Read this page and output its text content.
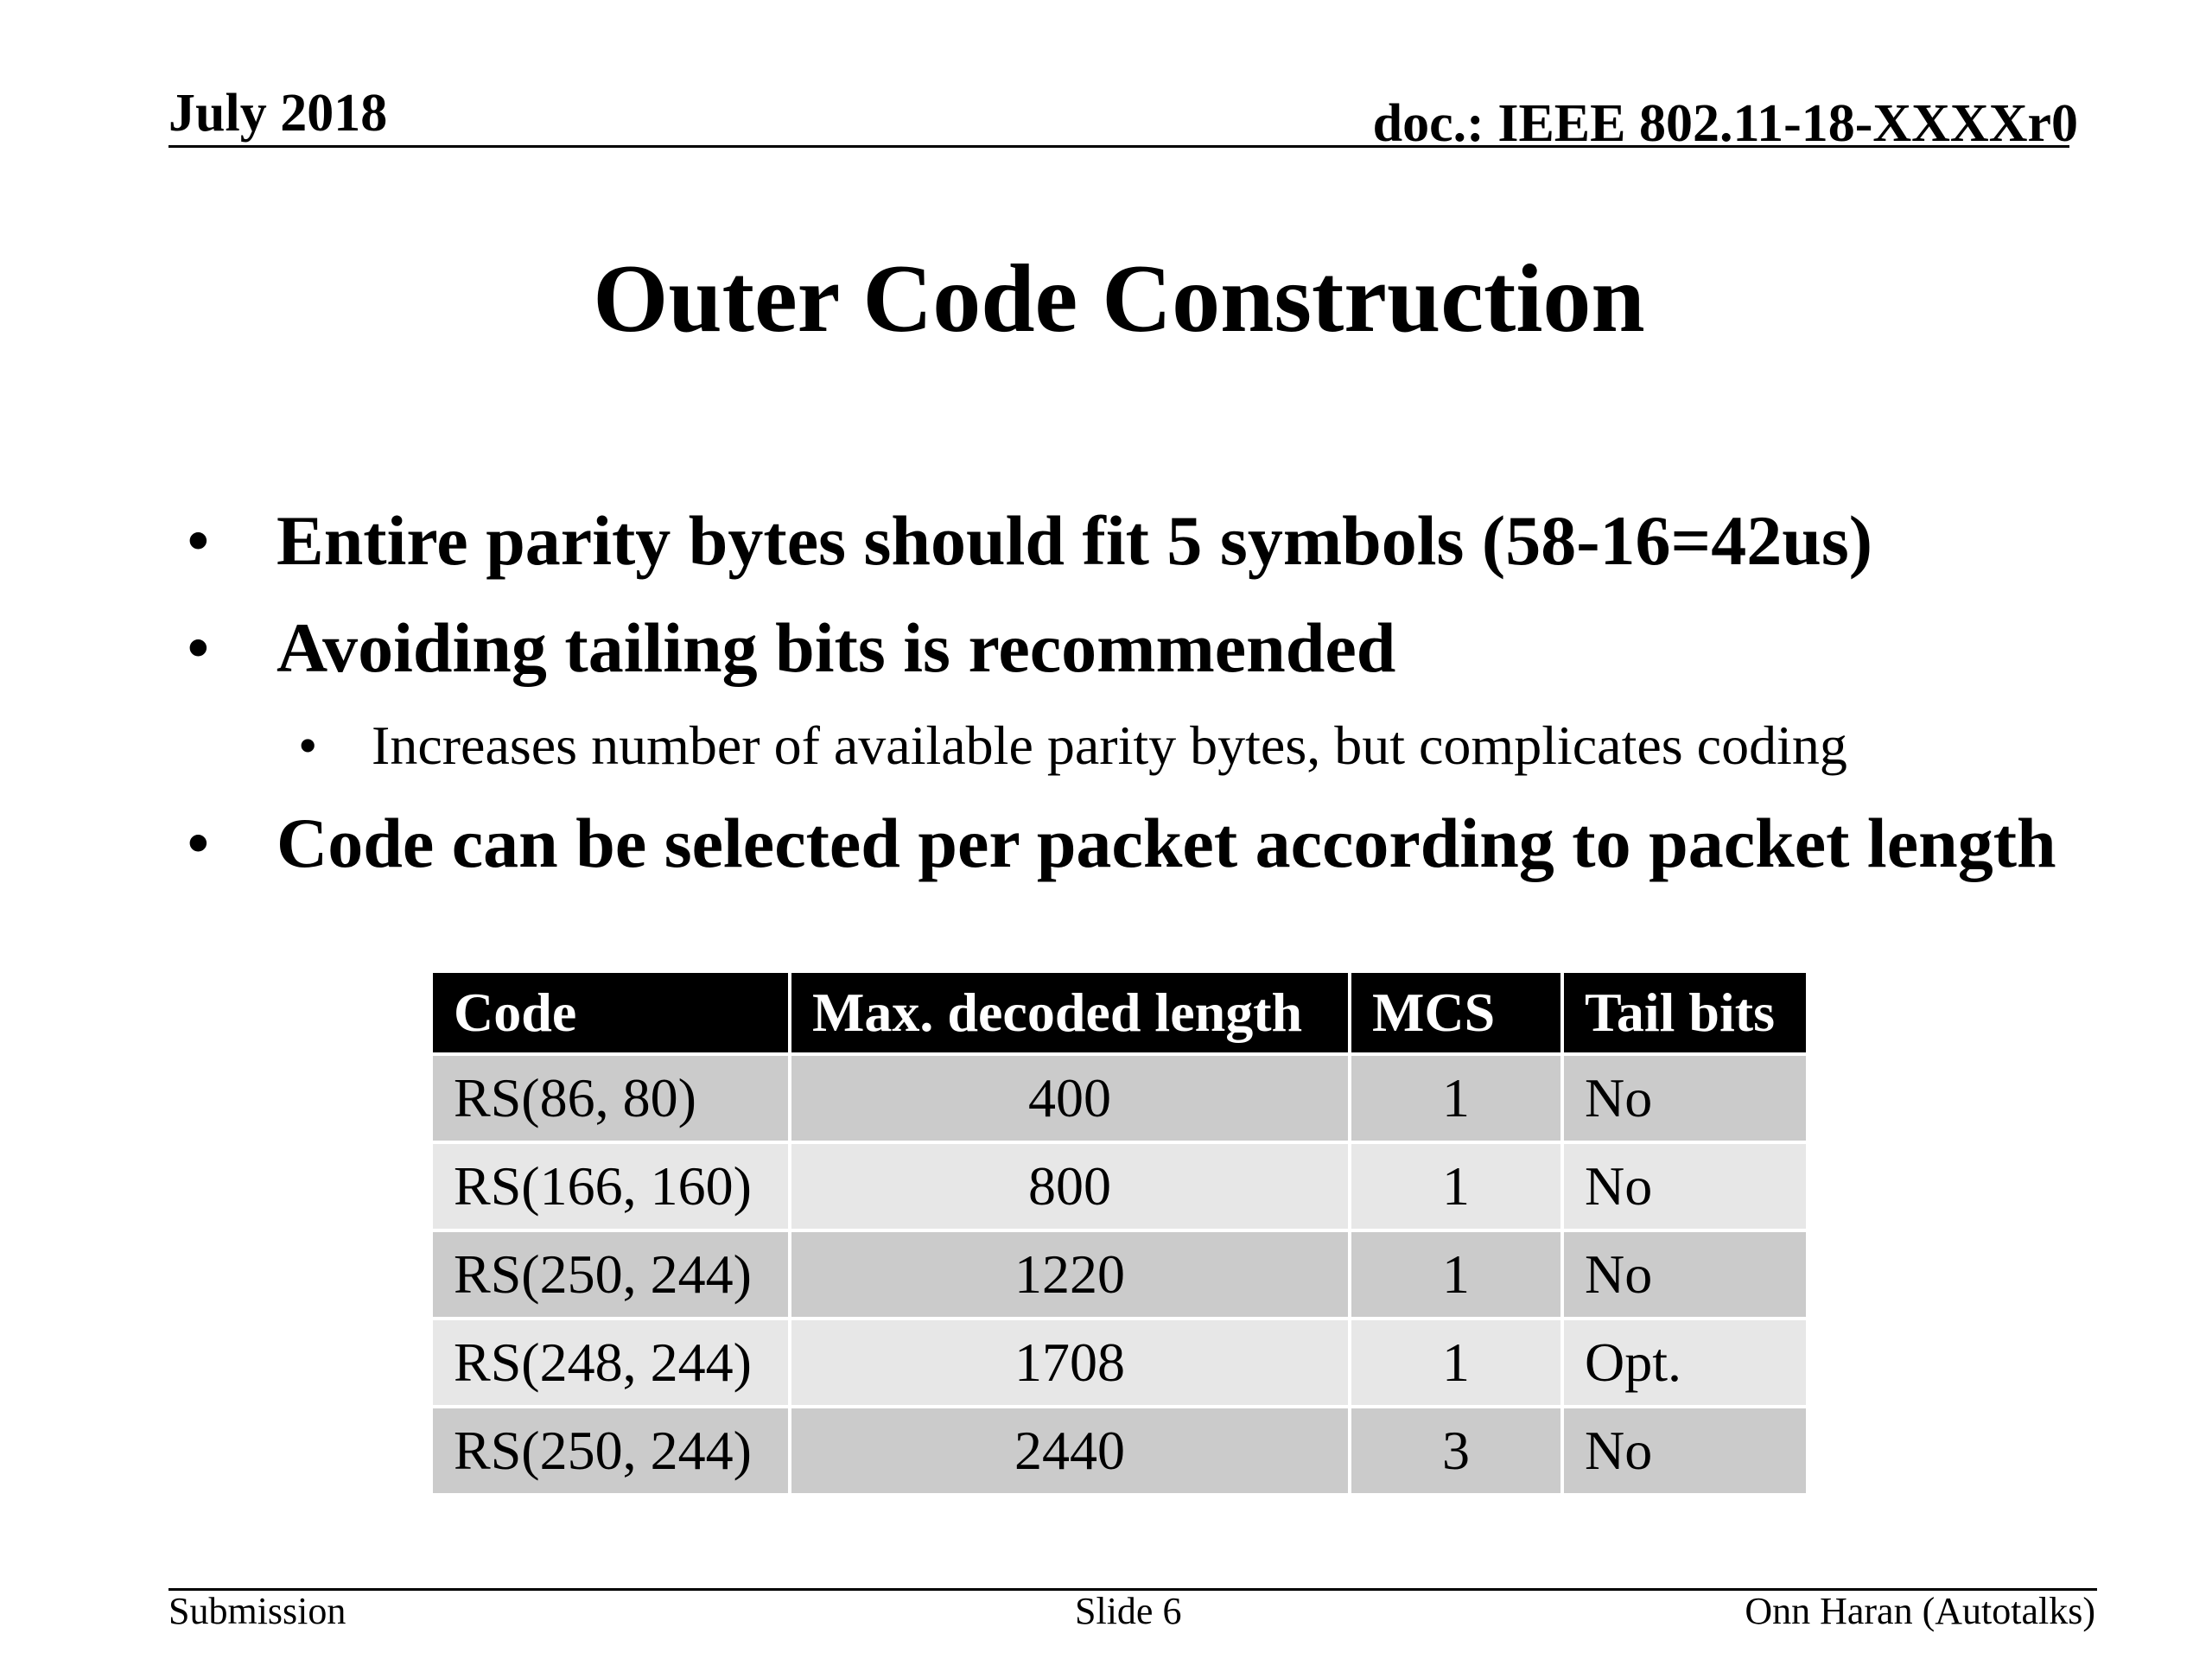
July 2018	doc.: IEEE 802.11-18-XXXXr0
Outer Code Construction
• Entire parity bytes should fit 5 symbols (58-16=42us)
• Avoiding tailing bits is recommended
• Increases number of available parity bytes, but complicates coding
• Code can be selected per packet according to packet length
Code	Max. decoded length	MCS	Tail bits
RS(86, 80)	400	1	No
RS(166, 160)	800	1	No
RS(250, 244)	1220	1	No
RS(248, 244)	1708	1	Opt.
RS(250, 244)	2440	3	No
Submission	Slide 6	Onn Haran (Autotalks)
